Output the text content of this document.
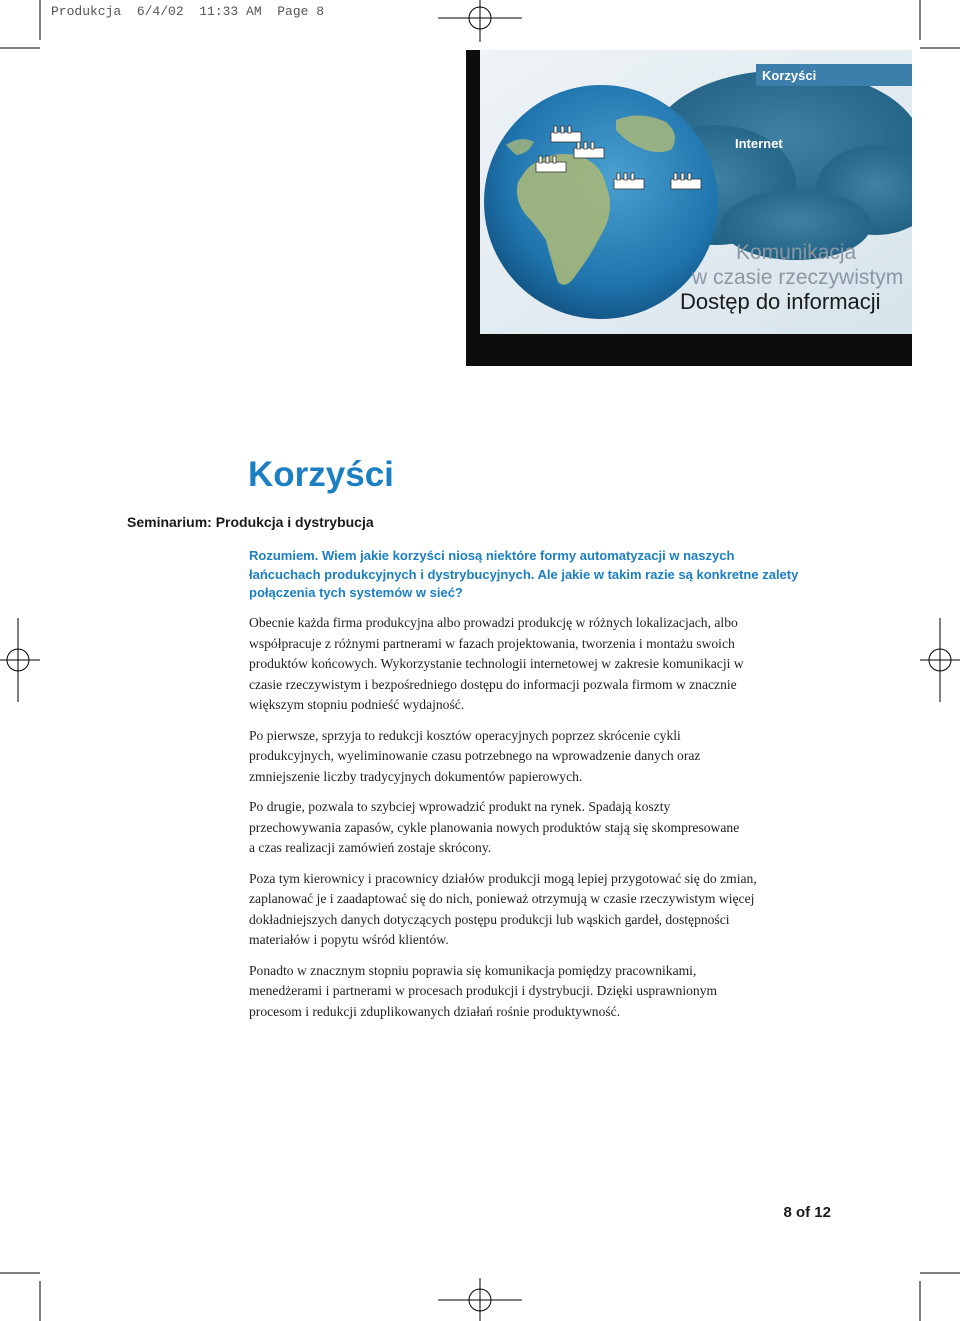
Produkcja  6/4/02  11:33 AM  Page 8
Korzyści
Internet
Komunikacja
w czasie rzeczywistym
Dostęp do informacji
Seminarium: Produkcja i dystrybucja
Korzyści
Rozumiem. Wiem jakie korzyści niosą niektóre formy automatyzacji w naszych
łańcuchach produkcyjnych i dystrybucyjnych. Ale jakie w takim razie są konkretne zalety
połączenia tych systemów w sieć?

Obecnie każda firma produkcyjna albo prowadzi produkcję w różnych lokalizacjach, albo
współpracuje z różnymi partnerami w fazach projektowania, tworzenia i montażu swoich
produktów końcowych. Wykorzystanie technologii internetowej w zakresie komunikacji w
czasie rzeczywistym i bezpośredniego dostępu do informacji pozwala firmom w znacznie
większym stopniu podnieść wydajność.

Po pierwsze, sprzyja to redukcji kosztów operacyjnych poprzez skrócenie cykli
produkcyjnych, wyeliminowanie czasu potrzebnego na wprowadzenie danych oraz
zmniejszenie liczby tradycyjnych dokumentów papierowych.

Po drugie, pozwala to szybciej wprowadzić produkt na rynek. Spadają koszty
przechowywania zapasów, cykle planowania nowych produktów stają się skompresowane
a czas realizacji zamówień zostaje skrócony.

Poza tym kierownicy i pracownicy działów produkcji mogą lepiej przygotować się do zmian,
zaplanować je i zaadaptować się do nich, ponieważ otrzymują w czasie rzeczywistym więcej
dokładniejszych danych dotyczących postępu produkcji lub wąskich gardeł, dostępności
materiałów i popytu wśród klientów.

Ponadto w znacznym stopniu poprawia się komunikacja pomiędzy pracownikami,
menedżerami i partnerami w procesach produkcji i dystrybucji. Dzięki usprawnionym
procesom i redukcji zduplikowanych działań rośnie produktywność.

8 of 12
